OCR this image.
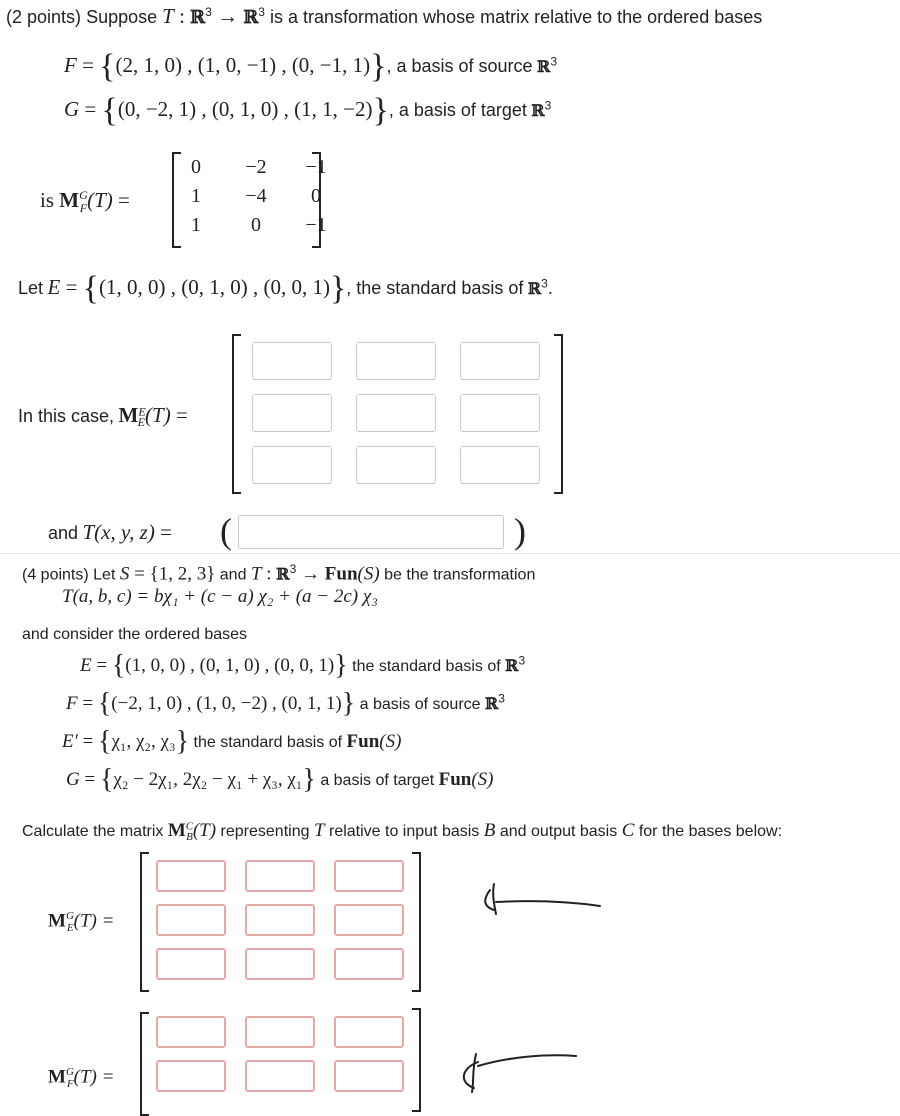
(2 points) Suppose T : ℝ$^3$ → ℝ$^3$ is a transformation whose matrix relative to the ordered bases
F = {(2, 1, 0) , (1, 0, −1) , (0, −1, 1)}, a basis of source ℝ$^3$
G = {(0, −2, 1) , (0, 1, 0) , (1, 1, −2)}, a basis of target ℝ$^3$
is $M^G_F(T)$ =
0	−2	−1
1	−4	0
1	0	−1
Let E = {(1, 0, 0) , (0, 1, 0) , (0, 0, 1)}, the standard basis of ℝ$^3$.
In this case, $M^E_E(T)$ =
and T(x, y, z) = (	)
(4 points) Let S = {1, 2, 3} and T : ℝ$^3$ → Fun(S) be the transformation
T(a, b, c) = bχ₁ + (c − a) χ₂ + (a − 2c) χ₃
and consider the ordered bases
E = {(1, 0, 0) , (0, 1, 0) , (0, 0, 1)} the standard basis of ℝ$^3$
F = {(−2, 1, 0) , (1, 0, −2) , (0, 1, 1)} a basis of source ℝ$^3$
E′ = {χ₁, χ₂, χ₃} the standard basis of Fun(S)
G = {χ₂ − 2χ₁, 2χ₂ − χ₁ + χ₃, χ₁} a basis of target Fun(S)
Calculate the matrix $M^C_B(T)$ representing T relative to input basis B and output basis C for the bases below:
$M^G_E(T)$ =
$M^G_F(T)$ =
